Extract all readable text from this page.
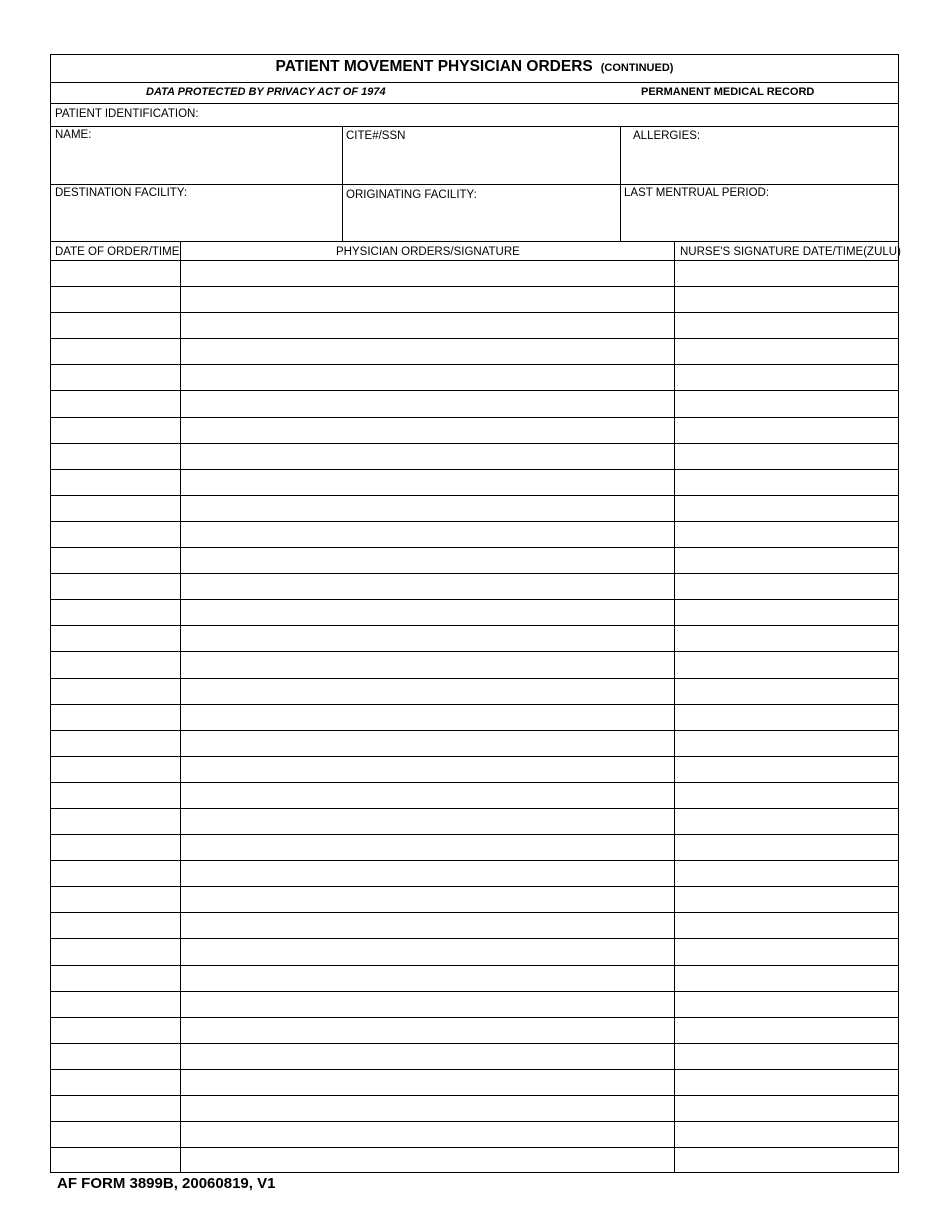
PATIENT MOVEMENT PHYSICIAN ORDERS (CONTINUED)
DATA PROTECTED BY PRIVACY ACT OF 1974	PERMANENT MEDICAL RECORD
PATIENT IDENTIFICATION:
NAME:	CITE#/SSN	ALLERGIES:
DESTINATION FACILITY:	ORIGINATING FACILITY:	LAST MENTRUAL PERIOD:
DATE OF ORDER/TIME	PHYSICIAN ORDERS/SIGNATURE	NURSE'S SIGNATURE DATE/TIME(ZULU)
AF FORM 3899B, 20060819, V1
